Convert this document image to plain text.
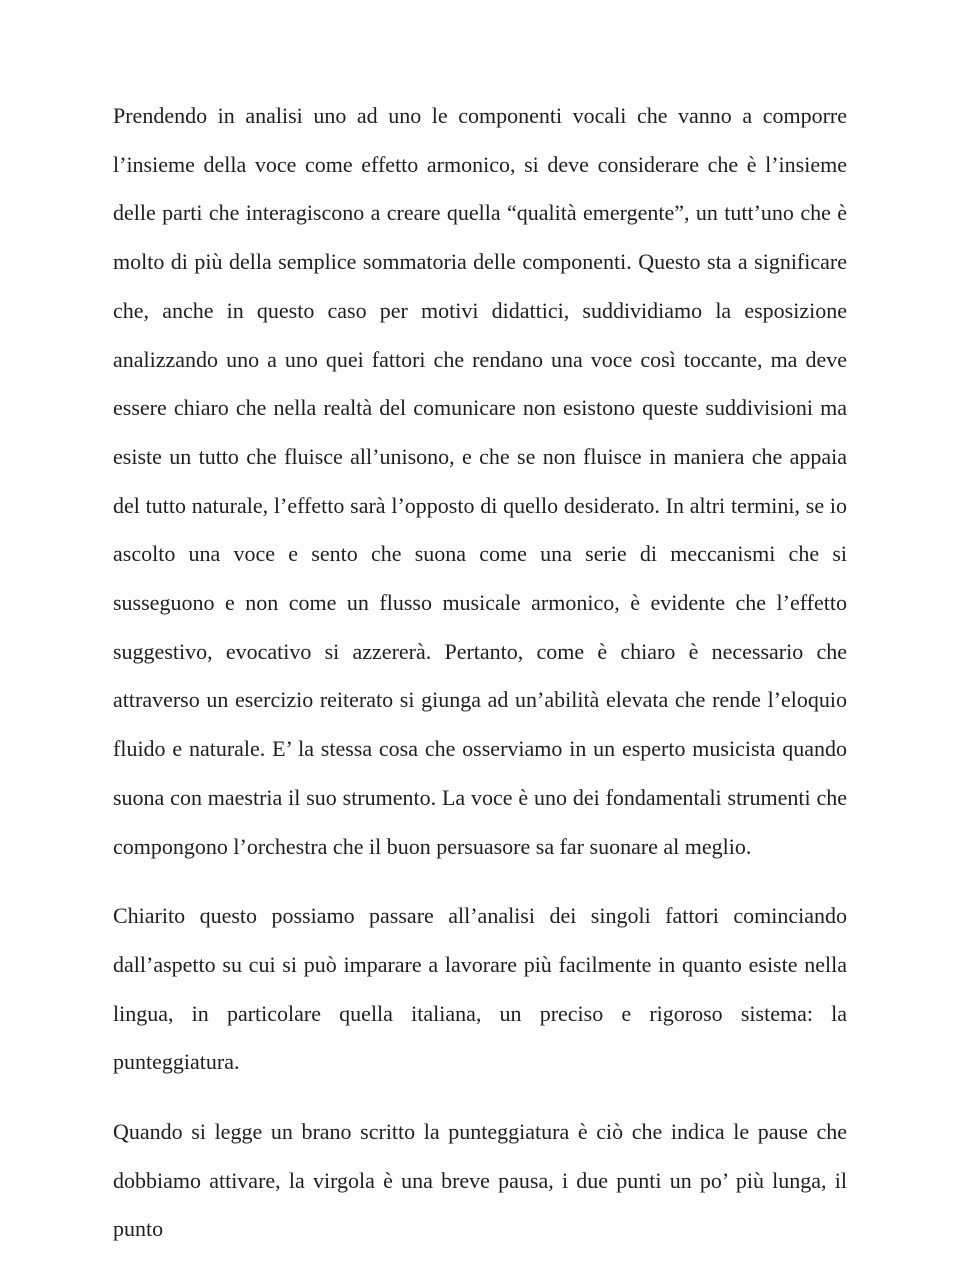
Prendendo in analisi uno ad uno le componenti vocali che vanno a comporre l’insieme della voce come effetto armonico, si deve considerare che è l’insieme delle parti che interagiscono a creare quella “qualità emergente”, un tutt’uno che è molto di più della semplice sommatoria delle componenti. Questo sta a significare che, anche in questo caso per motivi didattici, suddividiamo la esposizione analizzando uno a uno quei fattori che rendano una voce così toccante, ma deve essere chiaro che nella realtà del comunicare non esistono queste suddivisioni ma esiste un tutto che fluisce all’unisono, e che se non fluisce in maniera che appaia del tutto naturale, l’effetto sarà l’opposto di quello desiderato. In altri termini, se io ascolto una voce e sento che suona come una serie di meccanismi che si susseguono e non come un flusso musicale armonico, è evidente che l’effetto suggestivo, evocativo si azzererà. Pertanto, come è chiaro è necessario che attraverso un esercizio reiterato si giunga ad un’abilità elevata che rende l’eloquio fluido e naturale. E’ la stessa cosa che osserviamo in un esperto musicista quando suona con maestria il suo strumento. La voce è uno dei fondamentali strumenti che compongono l’orchestra che il buon persuasore sa far suonare al meglio.

Chiarito questo possiamo passare all’analisi dei singoli fattori cominciando dall’aspetto su cui si può imparare a lavorare più facilmente in quanto esiste nella lingua, in particolare quella italiana, un preciso e rigoroso sistema: la punteggiatura.

Quando si legge un brano scritto la punteggiatura è ciò che indica le pause che dobbiamo attivare, la virgola è una breve pausa, i due punti un po’ più lunga, il punto
